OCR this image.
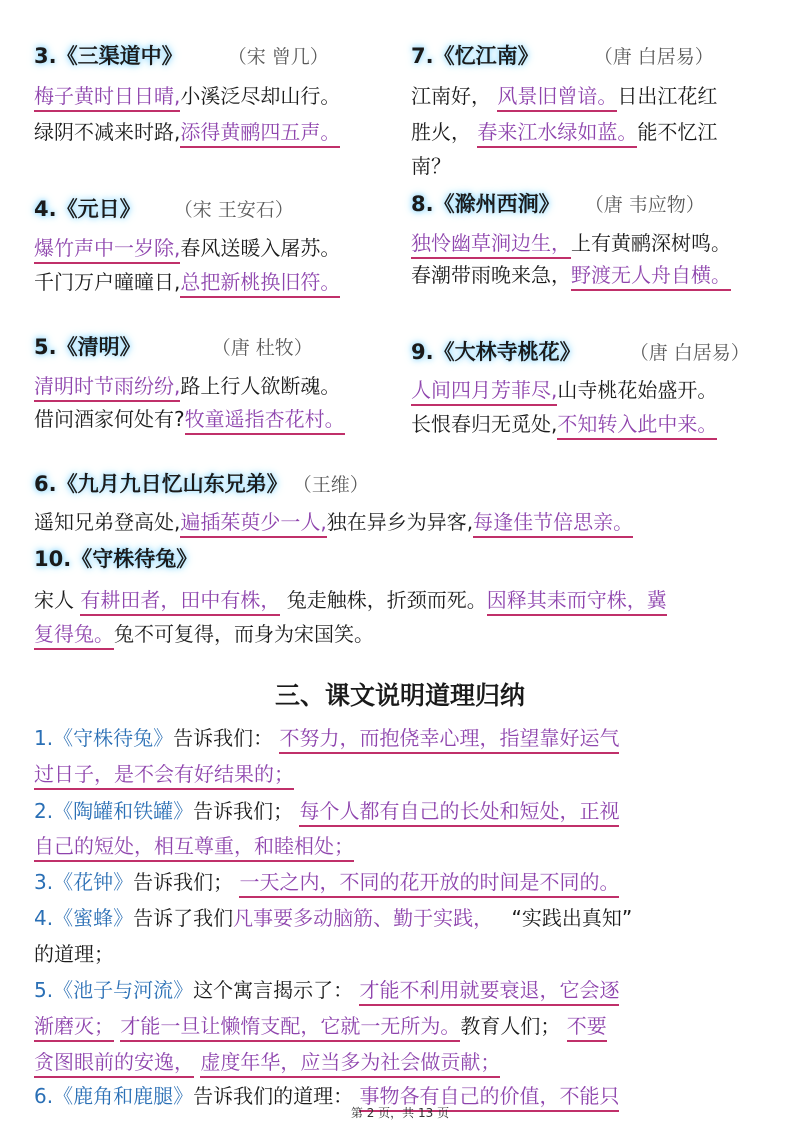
3.《三渠道中》 （宋 曾几）
梅子黄时日日晴,小溪泛尽却山行。
绿阴不减来时路,添得黄鹂四五声。
7.《忆江南》	（唐 白居易）
江南好， 风景旧曾谙。日出江花红
胜火， 春来江水绿如蓝。能不忆江
南？
4.《元日》 （宋 王安石）
爆竹声中一岁除,春风送暖入屠苏。
千门万户曈曈日,总把新桃换旧符。
8.《滁州西涧》 （唐 韦应物）
独怜幽草涧边生，上有黄鹂深树鸣。
春潮带雨晚来急，野渡无人舟自横。
5.《清明》	（唐 杜牧）
清明时节雨纷纷,路上行人欲断魂。
借问酒家何处有?牧童遥指杏花村。
9.《大林寺桃花》	（唐 白居易）
人间四月芳菲尽,山寺桃花始盛开。
长恨春归无觅处,不知转入此中来。
6.《九月九日忆山东兄弟》 （王维）
遥知兄弟登高处,遍插茱萸少一人,独在异乡为异客,每逢佳节倍思亲。
10.《守株待兔》
宋人 有耕田者，田中有株， 兔走触株，折颈而死。因释其耒而守株，冀
复得兔。兔不可复得，而身为宋国笑。
三、课文说明道理归纳
1.《守株待兔》告诉我们： 不努力，而抱侥幸心理，指望靠好运气
过日子，是不会有好结果的；
2.《陶罐和铁罐》告诉我们； 每个人都有自己的长处和短处，正视
自己的短处，相互尊重，和睦相处；
3.《花钟》告诉我们； 一天之内，不同的花开放的时间是不同的。
4.《蜜蜂》告诉了我们凡事要多动脑筋、勤于实践， “实践出真知”
的道理；
5.《池子与河流》这个寓言揭示了： 才能不利用就要衰退，它会逐
渐磨灭； 才能一旦让懒惰支配，它就一无所为。教育人们； 不要
贪图眼前的安逸， 虚度年华，应当多为社会做贡献；
6.《鹿角和鹿腿》告诉我们的道理： 事物各有自己的价值，不能只
第 2 页，共 13 页
